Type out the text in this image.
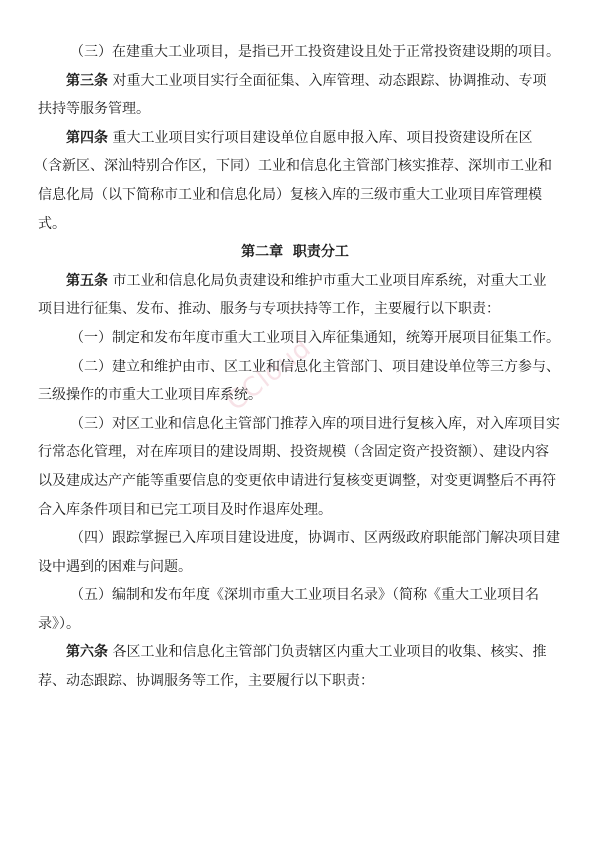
CCloud
（三）在建重大工业项目，是指已开工投资建设且处于正常投资建设期的项目。
第三条 对重大工业项目实行全面征集、入库管理、动态跟踪、协调推动、专项
扶持等服务管理。
第四条 重大工业项目实行项目建设单位自愿申报入库、项目投资建设所在区
（含新区、深汕特别合作区，下同）工业和信息化主管部门核实推荐、深圳市工业和
信息化局（以下简称市工业和信息化局）复核入库的三级市重大工业项目库管理模
式。
第二章  职责分工
第五条 市工业和信息化局负责建设和维护市重大工业项目库系统，对重大工业
项目进行征集、发布、推动、服务与专项扶持等工作，主要履行以下职责：
（一）制定和发布年度市重大工业项目入库征集通知，统筹开展项目征集工作。
（二）建立和维护由市、区工业和信息化主管部门、项目建设单位等三方参与、
三级操作的市重大工业项目库系统。
（三）对区工业和信息化主管部门推荐入库的项目进行复核入库，对入库项目实
行常态化管理，对在库项目的建设周期、投资规模（含固定资产投资额）、建设内容
以及建成达产产能等重要信息的变更依申请进行复核变更调整，对变更调整后不再符
合入库条件项目和已完工项目及时作退库处理。
（四）跟踪掌握已入库项目建设进度，协调市、区两级政府职能部门解决项目建
设中遇到的困难与问题。
（五）编制和发布年度《深圳市重大工业项目名录》（简称《重大工业项目名
录》）。
第六条 各区工业和信息化主管部门负责辖区内重大工业项目的收集、核实、推
荐、动态跟踪、协调服务等工作，主要履行以下职责：
